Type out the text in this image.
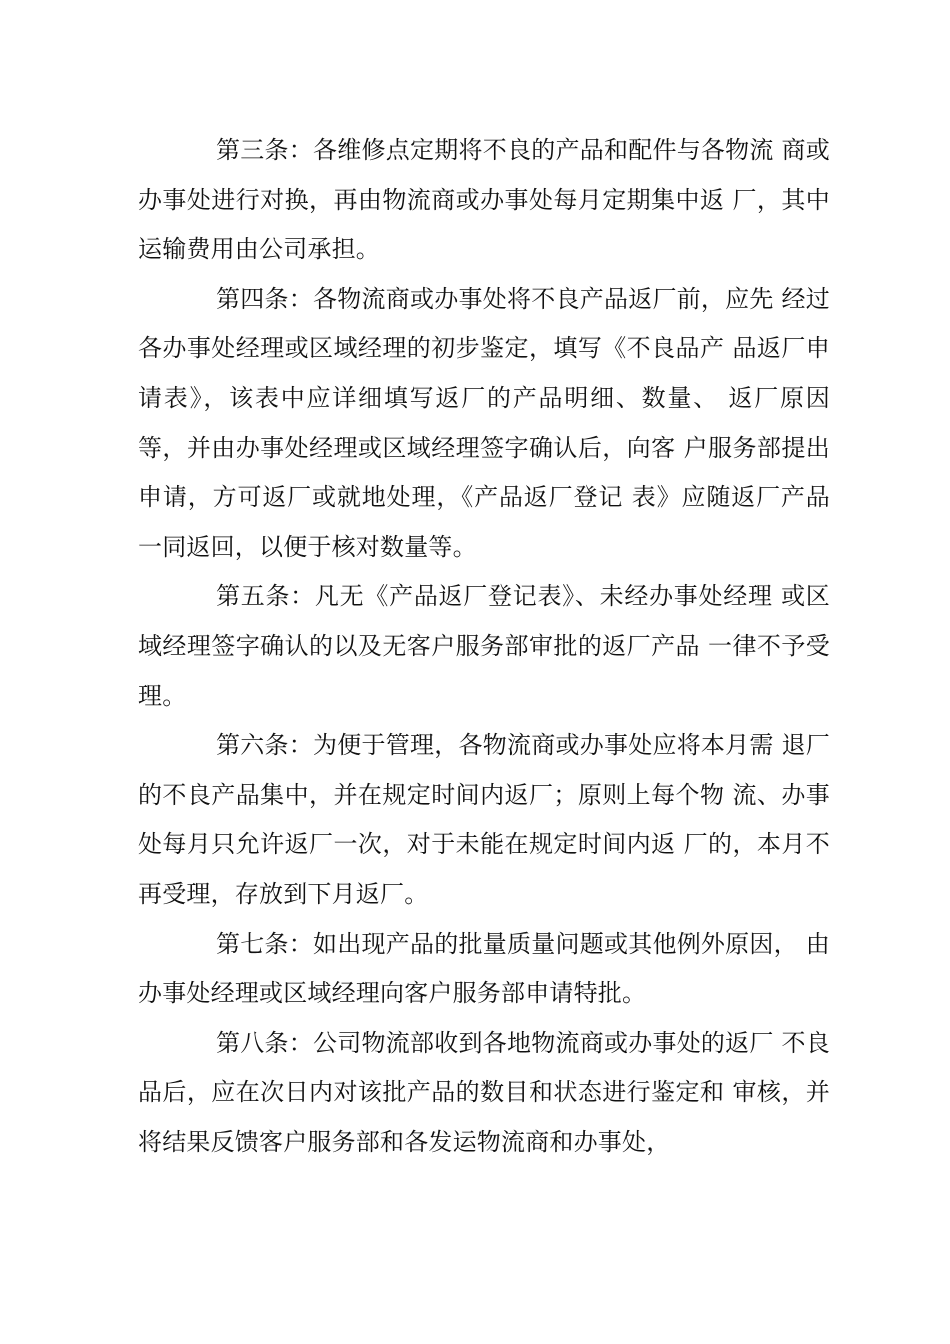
第三条：各维修点定期将不良的产品和配件与各物流 商或办事处进行对换，再由物流商或办事处每月定期集中返 厂，其中运输费用由公司承担。

第四条：各物流商或办事处将不良产品返厂前，应先 经过各办事处经理或区域经理的初步鉴定，填写《不良品产 品返厂申请表》，该表中应详细填写返厂的产品明细、数量、 返厂原因等，并由办事处经理或区域经理签字确认后，向客 户服务部提出申请，方可返厂或就地处理，《产品返厂登记 表》应随返厂产品一同返回，以便于核对数量等。

第五条：凡无《产品返厂登记表》、未经办事处经理 或区域经理签字确认的以及无客户服务部审批的返厂产品 一律不予受理。

第六条：为便于管理，各物流商或办事处应将本月需 退厂的不良产品集中，并在规定时间内返厂；原则上每个物 流、办事处每月只允许返厂一次，对于未能在规定时间内返 厂的，本月不再受理，存放到下月返厂。

第七条：如出现产品的批量质量问题或其他例外原因， 由办事处经理或区域经理向客户服务部申请特批。

第八条：公司物流部收到各地物流商或办事处的返厂 不良品后，应在次日内对该批产品的数目和状态进行鉴定和 审核，并将结果反馈客户服务部和各发运物流商和办事处，
